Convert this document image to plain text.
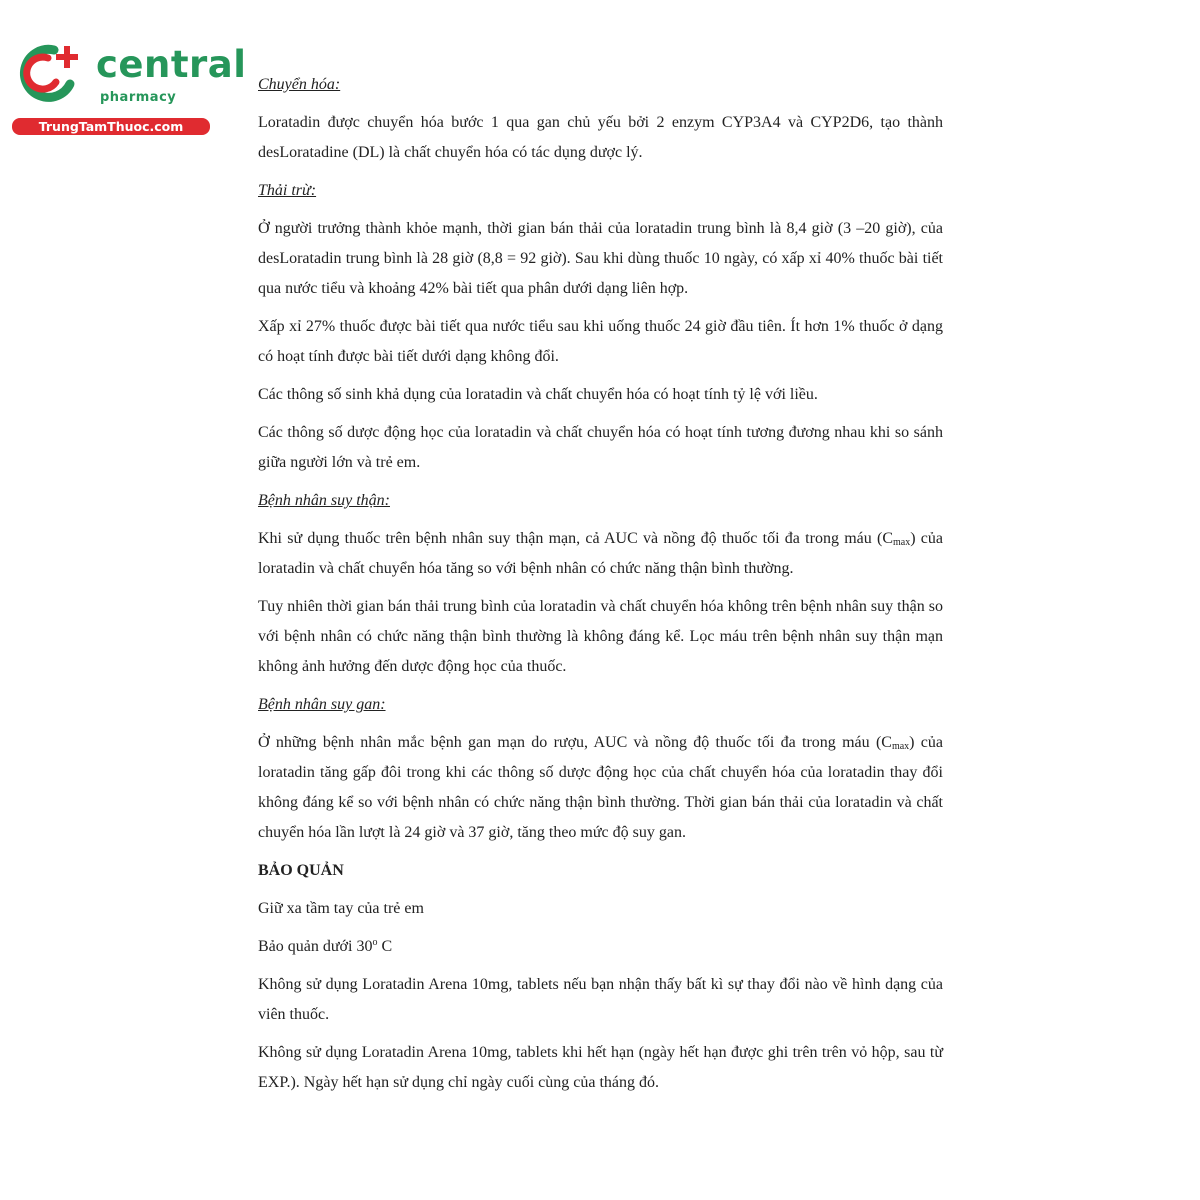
central
pharmacy
TrungTamThuoc.com

Chuyển hóa:

Loratadin được chuyển hóa bước 1 qua gan chủ yếu bởi 2 enzym CYP3A4 và CYP2D6, tạo thành desLoratadine (DL) là chất chuyển hóa có tác dụng dược lý.

Thải trừ:

Ở người trưởng thành khỏe mạnh, thời gian bán thải của loratadin trung bình là 8,4 giờ (3 –20 giờ), của desLoratadin trung bình là 28 giờ (8,8 = 92 giờ). Sau khi dùng thuốc 10 ngày, có xấp xỉ 40% thuốc bài tiết qua nước tiểu và khoảng 42% bài tiết qua phân dưới dạng liên hợp.

Xấp xỉ 27% thuốc được bài tiết qua nước tiểu sau khi uống thuốc 24 giờ đầu tiên. Ít hơn 1% thuốc ở dạng có hoạt tính được bài tiết dưới dạng không đổi.

Các thông số sinh khả dụng của loratadin và chất chuyển hóa có hoạt tính tỷ lệ với liều.

Các thông số dược động học của loratadin và chất chuyển hóa có hoạt tính tương đương nhau khi so sánh giữa người lớn và trẻ em.

Bệnh nhân suy thận:

Khi sử dụng thuốc trên bệnh nhân suy thận mạn, cả AUC và nồng độ thuốc tối đa trong máu $(C_{max})$ của loratadin và chất chuyển hóa tăng so với bệnh nhân có chức năng thận bình thường.

Tuy nhiên thời gian bán thải trung bình của loratadin và chất chuyển hóa không trên bệnh nhân suy thận so với bệnh nhân có chức năng thận bình thường là không đáng kể. Lọc máu trên bệnh nhân suy thận mạn không ảnh hưởng đến dược động học của thuốc.

Bệnh nhân suy gan:

Ở những bệnh nhân mắc bệnh gan mạn do rượu, AUC và nồng độ thuốc tối đa trong máu $(C_{max})$ của loratadin tăng gấp đôi trong khi các thông số dược động học của chất chuyển hóa của loratadin thay đổi không đáng kể so với bệnh nhân có chức năng thận bình thường. Thời gian bán thải của loratadin và chất chuyển hóa lần lượt là 24 giờ và 37 giờ, tăng theo mức độ suy gan.

BẢO QUẢN

Giữ xa tầm tay của trẻ em

Bảo quản dưới 30$^o$ C

Không sử dụng Loratadin Arena 10mg, tablets nếu bạn nhận thấy bất kì sự thay đổi nào về hình dạng của viên thuốc.

Không sử dụng Loratadin Arena 10mg, tablets khi hết hạn (ngày hết hạn được ghi trên trên vỏ hộp, sau từ EXP.). Ngày hết hạn sử dụng chỉ ngày cuối cùng của tháng đó.
